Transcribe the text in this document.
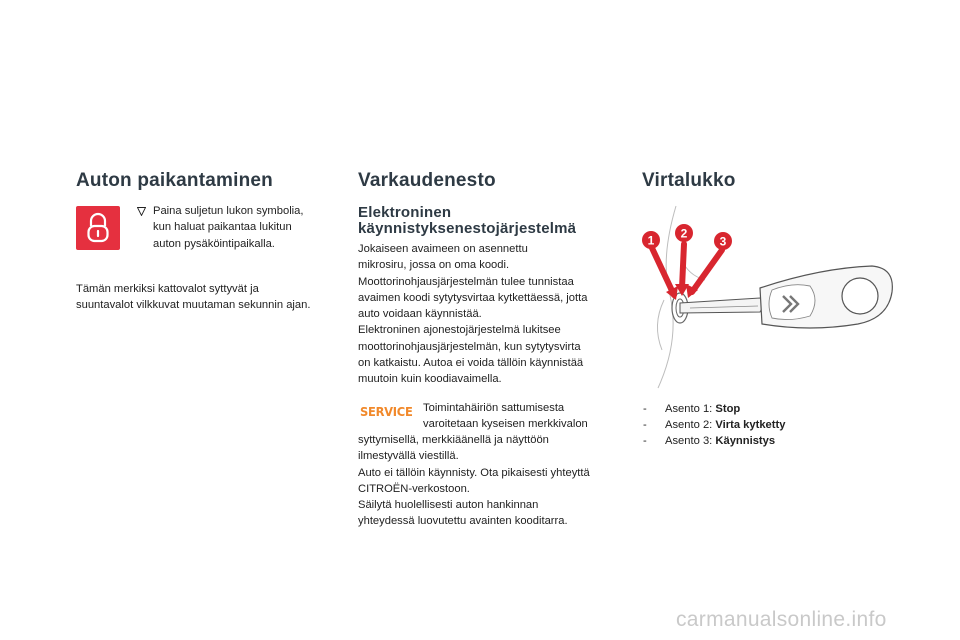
Auton paikantaminen

Paina suljetun lukon symbolia,
kun haluat paikantaa lukitun
auton pysäköintipaikalla.

Tämän merkiksi kattovalot syttyvät ja
suuntavalot vilkkuvat muutaman sekunnin ajan.

Varkaudenesto
Elektroninen
käynnistyksenestojärjestelmä

Jokaiseen avaimeen on asennettu
mikrosiru, jossa on oma koodi.
Moottorinohjausjärjestelmän tulee tunnistaa
avaimen koodi sytytysvirtaa kytkettäessä, jotta
auto voidaan käynnistää.
Elektroninen ajonestojärjestelmä lukitsee
moottorinohjausjärjestelmän, kun sytytysvirta
on katkaistu. Autoa ei voida tällöin käynnistää
muutoin kuin koodiavaimella.

SERVICE Toimintahäiriön sattumisesta
varoitetaan kyseisen merkkivalon

syttymisellä, merkkiäänellä ja näyttöön
ilmestyvällä viestillä.
Auto ei tällöin käynnisty. Ota pikaisesti yhteyttä
CITROËN-verkostoon.
Säilytä huolellisesti auton hankinnan
yhteydessä luovutettu avainten kooditarra.

Virtalukko
1 2
3
- Asento 1: Stop
- Asento 2: Virta kytketty
- Asento 3: Käynnistys
carmanualsonline.info
